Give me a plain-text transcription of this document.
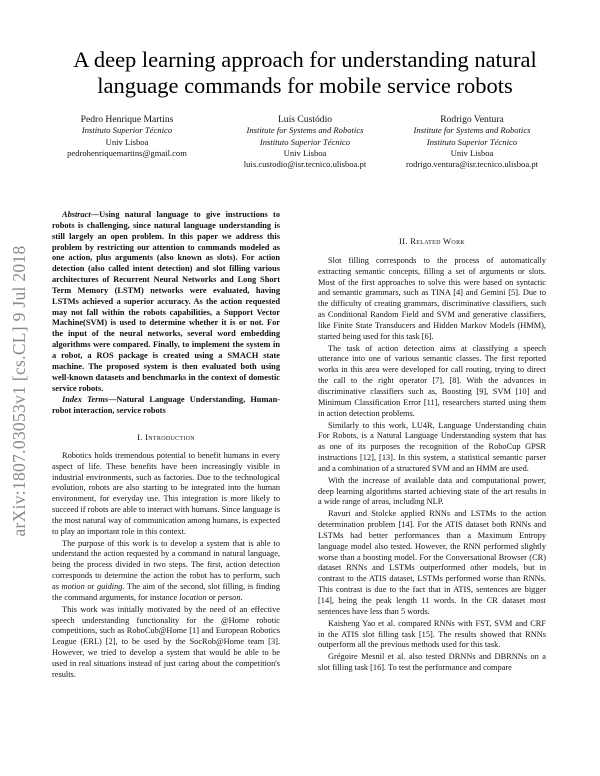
arXiv:1807.03053v1 [cs.CL] 9 Jul 2018
A deep learning approach for understanding natural language commands for mobile service robots
Pedro Henrique Martins
Instituto Superior Técnico
Univ Lisboa
pedrohenriquemartins@gmail.com
Luís Custódio
Institute for Systems and Robotics
Instituto Superior Técnico
Univ Lisboa
luis.custodio@isr.tecnico.ulisboa.pt
Rodrigo Ventura
Institute for Systems and Robotics
Instituto Superior Técnico
Univ Lisboa
rodrigo.ventura@isr.tecnico.ulisboa.pt

Abstract—Using natural language to give instructions to robots is challenging, since natural language understanding is still largely an open problem. In this paper we address this problem by restricting our attention to commands modeled as one action, plus arguments (also known as slots). For action detection (also called intent detection) and slot filling various architectures of Recurrent Neural Networks and Long Short Term Memory (LSTM) networks were evaluated, having LSTMs achieved a superior accuracy. As the action requested may not fall within the robots capabilities, a Support Vector Machine(SVM) is used to determine whether it is or not. For the input of the neural networks, several word embedding algorithms were compared. Finally, to implement the system in a robot, a ROS package is created using a SMACH state machine. The proposed system is then evaluated both using well-known datasets and benchmarks in the context of domestic service robots.

Index Terms—Natural Language Understanding, Human-robot interaction, service robots

I. Introduction

Robotics holds tremendous potential to benefit humans in every aspect of life. These benefits have been increasingly visible in industrial environments, such as factories. Due to the technological evolution, robots are also starting to be integrated into the human environment, for everyday use. This integration is more likely to succeed if robots are able to interact with humans. Since language is the most natural way of communication among humans, is expected to play an important role in this context.

The purpose of this work is to develop a system that is able to understand the action requested by a command in natural language, being the process divided in two steps. The first, action detection corresponds to determine the action the robot has to perform, such as motion or guiding. The aim of the second, slot filling, is finding the command arguments, for instance location or person.

This work was initially motivated by the need of an effective speech understanding functionality for the @Home robotic competitions, such as RoboCub@Home [1] and European Robotics League (ERL) [2], to be used by the SocRob@Home team [3]. However, we tried to develop a system that would be able to be used in real situations instead of just caring about the competition's results.

II. Related Work

Slot filling corresponds to the process of automatically extracting semantic concepts, filling a set of arguments or slots. Most of the first approaches to solve this were based on syntactic and semantic grammars, such as TINA [4] and Gemini [5]. Due to the difficulty of creating grammars, discriminative classifiers, such as Conditional Random Field and SVM and generative classifiers, like Finite State Transducers and Hidden Markov Models (HMM), started being used for this task [6].

The task of action detection aims at classifying a speech utterance into one of various semantic classes. The first reported works in this area were developed for call routing, trying to direct the call to the right operator [7], [8]. With the advances in discriminative classifiers such as, Boosting [9], SVM [10] and Minimum Classification Error [11], researchers started using them in action detection problems.

Similarly to this work, LU4R, Language Understanding chain For Robots, is a Natural Language Understanding system that has as one of its purposes the recognition of the RoboCup GPSR instructions [12], [13]. In this system, a statistical semantic parser and a combination of a structured SVM and an HMM are used.

With the increase of available data and computational power, deep learning algorithms started achieving state of the art results in a wide range of areas, including NLP.

Ravuri and Stolcke applied RNNs and LSTMs to the action determination problem [14]. For the ATIS dataset both RNNs and LSTMs had better performances than a Maximum Entropy language model also tested. However, the RNN performed slightly worse than a boosting model. For the Conversational Browser (CR) dataset RNNs and LSTMs outperformed other models, but in contrast to the ATIS dataset, LSTMs performed worse than RNNs. This contrast is due to the fact that in ATIS, sentences are bigger [14], being the peak length 11 words. In the CR dataset most sentences have less than 5 words.

Kaisheng Yao et al. compared RNNs with FST, SVM and CRF in the ATIS slot filling task [15]. The results showed that RNNs outperform all the previous methods used for this task.

Grégoire Mesnil et al. also tested DRNNs and DBRNNs on a slot filling task [16]. To test the performance and compare
